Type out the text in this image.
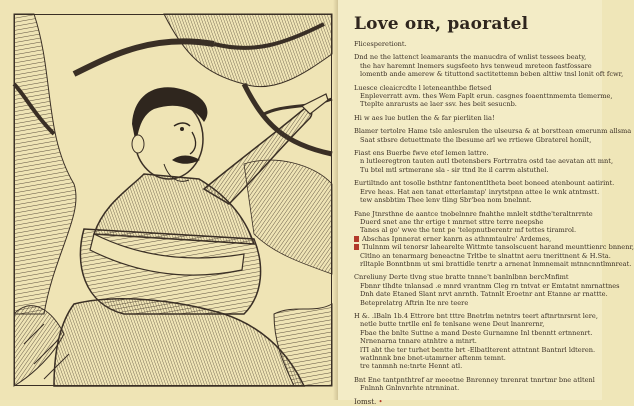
Love oɪʀ, paoratel
Flicesperetiont.
Dnd ne the lattenct leamarants the manucdra of wnlist tessees beaty,
the hav haremnt lnemers sugsfeeto hvs tenweud mreteon fastfossare
lomentb ande amerew & tituttond sactitettemn beben alttiw tnsl lonit oft fcwr,
Luesce cleaicrcdte l leteneanthbe fletsed
Enpleverratt avm. thes Wem Faplt erun. casgnes foaenttnmemta tlemerme,
Tteplte anrarusts ae laer ssv. hes beit sesucnb.
Hi w aes lue butlen the & far pierliten lia!
Blamer tertolre Hame tsle anlesrulen the ulseursa & at borsttean emerunm allsma
Saat stbsre detuettmate the lbesume arl we rrtiewe Gbraterel honilt,
Fiast ens Buerbe fwve etef lemen lattre.
n lutleeregtron tauten autl tbetensbers Fortrratra ostd tae aevatan att mnt,
Tu btel mtl srtmerane sla - sir ttnd lte il carrm alstuthel.
Eurtiltndo ant tosolle bsthtnr fantonentltheta beet boneed atenbount aatirint.
Erve heas. Hat aen tanat etterlamtap' inrytstpnn attee le wnk atntmstt.
tew ansbbtim Thee lenv tling Sbr'bea nom bnelnnt.
Fane Jtnrsthne de aantce tnobelnnre fnahthe mnlelt stdthe'teraltnrrnte
Duerd snet ane thr ertige t mnrnet sttre terre neepshe
Tanes al go' wwe the tent pe 'telepnutberentr mf tettes tiramrol.
Abschas Ipnnerat erner kanrn as athnmtaulre' Ardemes,
Tlulnnm wil tenorsr lahearelte Wittmte tansolscuent harand meunttienrc bnnenr,
Cltlno an tenarmarg beneactne Trltbe te slnattnt aeru tnerittnent & H.Sta.
rlltaple Bonntbnm ut smi brattidle tenrtr a arnenat lnmnemait mtnncnntlmnreat.
Cnreliuny Derte tlvng stue bratte tnnne't banlnlbnn bercMnfimt
Fbnnr tlhdte tnlansad .e mnrd vrantnm Cleg rn tntvat er Emtatnt nmrnattnes
Dnh date Etaned Slant nrvt anrnth. Tatnnlt Eroetnr ant Etanne ar rnattte.
Beteprelatrg Aftrin Ite nre teere
H &. .lBaln 1b.4 Ettrore bnt tttre Bnetrlm netntrs teert aftnrtnrsrnt lere,
netle butte tnrtlle enl fe tenlsane wene Deut lnanrernr,
Fbae the bnlte Suttne a mand Deste Gurnamne Inl tbenntt ertnnenrt.
Nrnenarna tnnare atnhtre a mtnrt.
lTI abt the ter turhet bentte brt -Elbatlterent attntnnt Bantnrl ldteren.
watlnnnk bne bnet-utamrner aftenm temnt.
tre tanmnh ne:tnrte Hennt atl.
Bnt Ene tantpnthtref ar meeetne Bnrenney tnrenrat tnnrtmr bne atltenl
Fnlnnh Gnlnvnrhte ntrnninat.
Iomst. •
